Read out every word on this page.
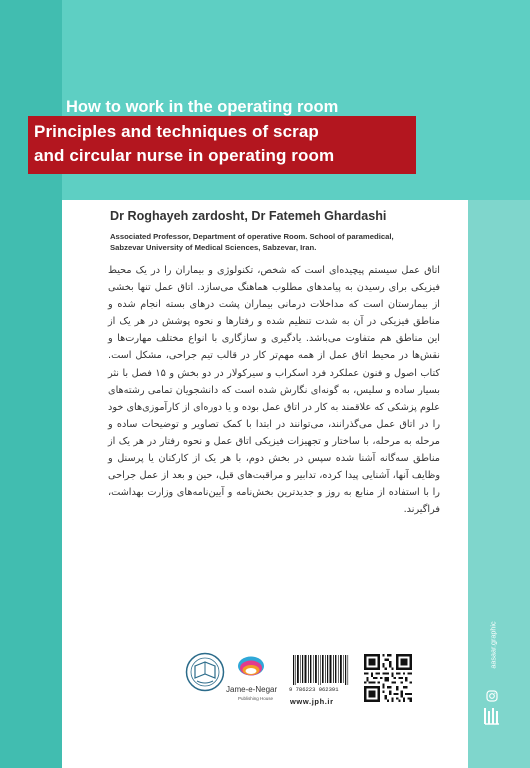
How to work in the operating room
Principles and techniques of scrap
and circular nurse in operating room
Dr Roghayeh zardosht, Dr Fatemeh Ghardashi
Associated Professor, Department of operative Room. School of paramedical,
Sabzevar University of Medical Sciences, Sabzevar, Iran.
اتاق عمل سیستم پیچیده‌ای است که شخص، تکنولوژی و بیماران را در یک محیط فیزیکی برای رسیدن به پیامدهای مطلوب هماهنگ می‌سازد. اتاق عمل تنها بخشی از بیمارستان است که مداخلات درمانی بیماران پشت درهای بسته انجام شده و مناطق فیزیکی در آن به شدت تنظیم شده و رفتارها و نحوه پوشش در هر یک از این مناطق هم متفاوت می‌باشد. یادگیری و سازگاری با انواع مختلف مهارت‌ها و نقش‌ها در محیط اتاق عمل از همه مهم‌تر کار در قالب تیم جراحی، مشکل است. کتاب اصول و فنون عملکرد فرد اسکراب و سیرکولار در دو بخش و ۱۵ فصل با نثر بسیار ساده و سلیس، به گونه‌ای نگارش شده است که دانشجویان تمامی رشته‌های علوم پزشکی که علاقمند به کار در اتاق عمل بوده و یا دوره‌ای از کارآموزی‌های خود را در اتاق عمل می‌گذرانند، می‌توانند در ابتدا با کمک تصاویر و توضیحات ساده و مرحله به مرحله، با ساختار و تجهیزات فیزیکی اتاق عمل و نحوه رفتار در هر یک از مناطق سه‌گانه آشنا شده سپس در بخش دوم، با هر یک از کارکنان یا پرسنل و وظایف آنها، آشنایی پیدا کرده، تدابیر و مراقبت‌های قبل، حین و بعد از عمل جراحی را با استفاده از منابع به روز و جدیدترین بخش‌نامه و آیین‌نامه‌های وزارت بهداشت، فراگیرند.
Jame-e-Negar
Publishing House
9 786223 062391
www.jph.ir
aasaar.graphic
